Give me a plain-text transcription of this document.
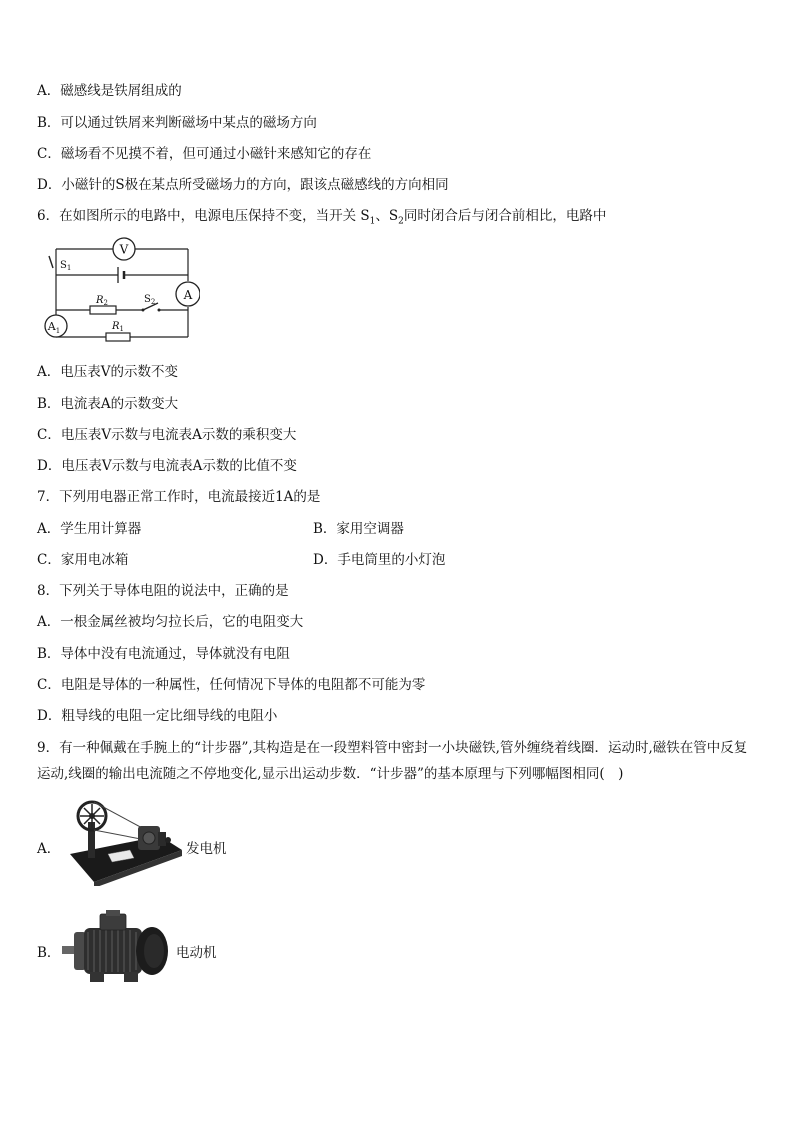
A．磁感线是铁屑组成的
B．可以通过铁屑来判断磁场中某点的磁场方向
C．磁场看不见摸不着，但可通过小磁针来感知它的存在
D．小磁针的S极在某点所受磁场力的方向，跟该点磁感线的方向相同
6．在如图所示的电路中，电源电压保持不变，当开关 $S_1$、$S_2$同时闭合后与闭合前相比，电路中
V
A
$A_1$
$R_2$
$R_1$
$S_1$
$S_2$
A．电压表V的示数不变
B．电流表A的示数变大
C．电压表V示数与电流表A示数的乘积变大
D．电压表V示数与电流表A示数的比值不变
7．下列用电器正常工作时，电流最接近1A的是
A．学生用计算器	B．家用空调器
C．家用电冰箱	D．手电筒里的小灯泡
8．下列关于导体电阻的说法中，正确的是
A．一根金属丝被均匀拉长后，它的电阻变大
B．导体中没有电流通过，导体就没有电阻
C．电阻是导体的一种属性，任何情况下导体的电阻都不可能为零
D．粗导线的电阻一定比细导线的电阻小
9．有一种佩戴在手腕上的“计步器”,其构造是在一段塑料管中密封一小块磁铁,管外缠绕着线圈．运动时,磁铁在管中反复运动,线圈的输出电流随之不停地变化,显示出运动步数．“计步器”的基本原理与下列哪幅图相同(　)
A．	发电机
B．	电动机
